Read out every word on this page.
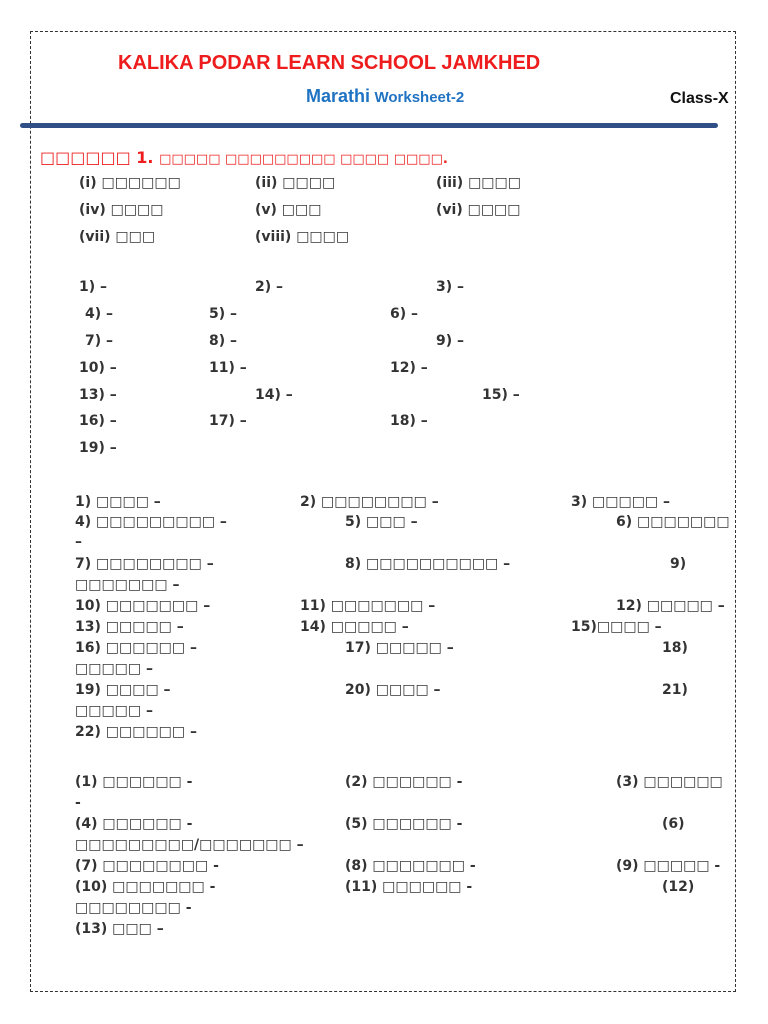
KALIKA PODAR LEARN SCHOOL JAMKHED
Marathi Worksheet-2	Class-X
□□□□□□ 1. □□□□□ □□□□□□□□□ □□□□ □□□□.
(i) □□□□□□	(ii) □□□□	(iii) □□□□
(iv) □□□□	(v) □□□	(vi) □□□□
(vii) □□□	(viii) □□□□
1) –	2) –	3) –
4) –	5) –	6) –
7) –	8) –	9) –
10) –	11) –	12) –
13) –	14) –	15) –
16) –	17) –	18) –
19) –
1) □□□□ –	2) □□□□□□□□ –	3) □□□□□ –
4) □□□□□□□□□ –	5) □□□ –	6) □□□□□□□
–
7) □□□□□□□□ –	8) □□□□□□□□□□ –	9)
□□□□□□□ –
10) □□□□□□□ –	11) □□□□□□□ –	12) □□□□□ –
13) □□□□□ –	14) □□□□□ –	15)□□□□ –
16) □□□□□□ –	17) □□□□□ –	18)
□□□□□ –
19) □□□□ –	20) □□□□ –	21)
□□□□□ –
22) □□□□□□ –
(1) □□□□□□ -	(2) □□□□□□ -	(3) □□□□□□
-
(4) □□□□□□ -	(5) □□□□□□ -	(6)
□□□□□□□□□/□□□□□□□ –
(7) □□□□□□□□ -	(8) □□□□□□□ -	(9) □□□□□ -
(10) □□□□□□□ -	(11) □□□□□□ -	(12)
□□□□□□□□ -
(13) □□□ –
